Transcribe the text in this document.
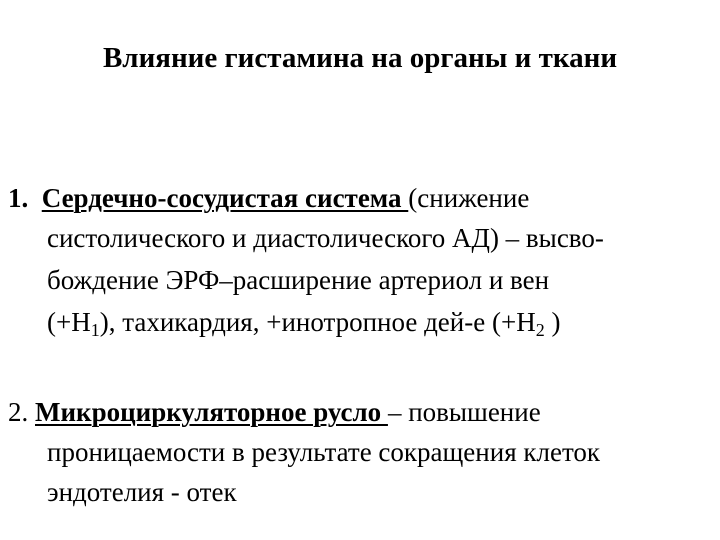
Влияние гистамина на органы и ткани
1. Сердечно-сосудистая система (снижение
систолического и диастолического АД) – высво-
бождение ЭРФ–расширение артериол и вен
$(+H_1)$, тахикардия, +инотропное дей-е ($+H_2$ )
2. Микроциркуляторное русло – повышение
проницаемости в результате сокращения клеток
эндотелия - отек
